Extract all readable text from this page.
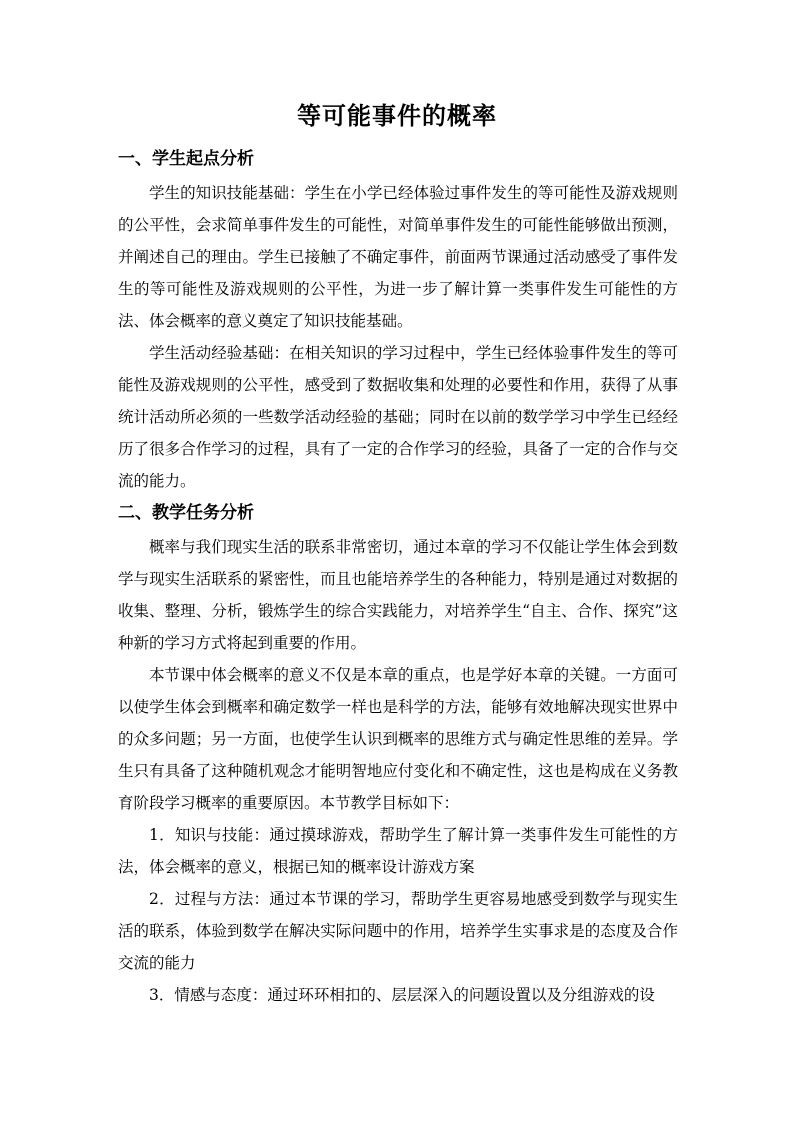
等可能事件的概率
一、学生起点分析

学生的知识技能基础：学生在小学已经体验过事件发生的等可能性及游戏规则的公平性，会求简单事件发生的可能性，对简单事件发生的可能性能够做出预测，并阐述自己的理由。学生已接触了不确定事件，前面两节课通过活动感受了事件发生的等可能性及游戏规则的公平性，为进一步了解计算一类事件发生可能性的方法、体会概率的意义奠定了知识技能基础。

学生活动经验基础：在相关知识的学习过程中，学生已经体验事件发生的等可能性及游戏规则的公平性，感受到了数据收集和处理的必要性和作用，获得了从事统计活动所必须的一些数学活动经验的基础；同时在以前的数学学习中学生已经经历了很多合作学习的过程，具有了一定的合作学习的经验，具备了一定的合作与交流的能力。

二、教学任务分析

概率与我们现实生活的联系非常密切，通过本章的学习不仅能让学生体会到数学与现实生活联系的紧密性，而且也能培养学生的各种能力，特别是通过对数据的收集、整理、分析，锻炼学生的综合实践能力，对培养学生“自主、合作、探究”这种新的学习方式将起到重要的作用。

本节课中体会概率的意义不仅是本章的重点，也是学好本章的关键。一方面可以使学生体会到概率和确定数学一样也是科学的方法，能够有效地解决现实世界中的众多问题；另一方面，也使学生认识到概率的思维方式与确定性思维的差异。学生只有具备了这种随机观念才能明智地应付变化和不确定性，这也是构成在义务教育阶段学习概率的重要原因。本节教学目标如下：

1．知识与技能：通过摸球游戏，帮助学生了解计算一类事件发生可能性的方法，体会概率的意义，根据已知的概率设计游戏方案

2．过程与方法：通过本节课的学习，帮助学生更容易地感受到数学与现实生活的联系，体验到数学在解决实际问题中的作用，培养学生实事求是的态度及合作交流的能力

3．情感与态度：通过环环相扣的、层层深入的问题设置以及分组游戏的设
